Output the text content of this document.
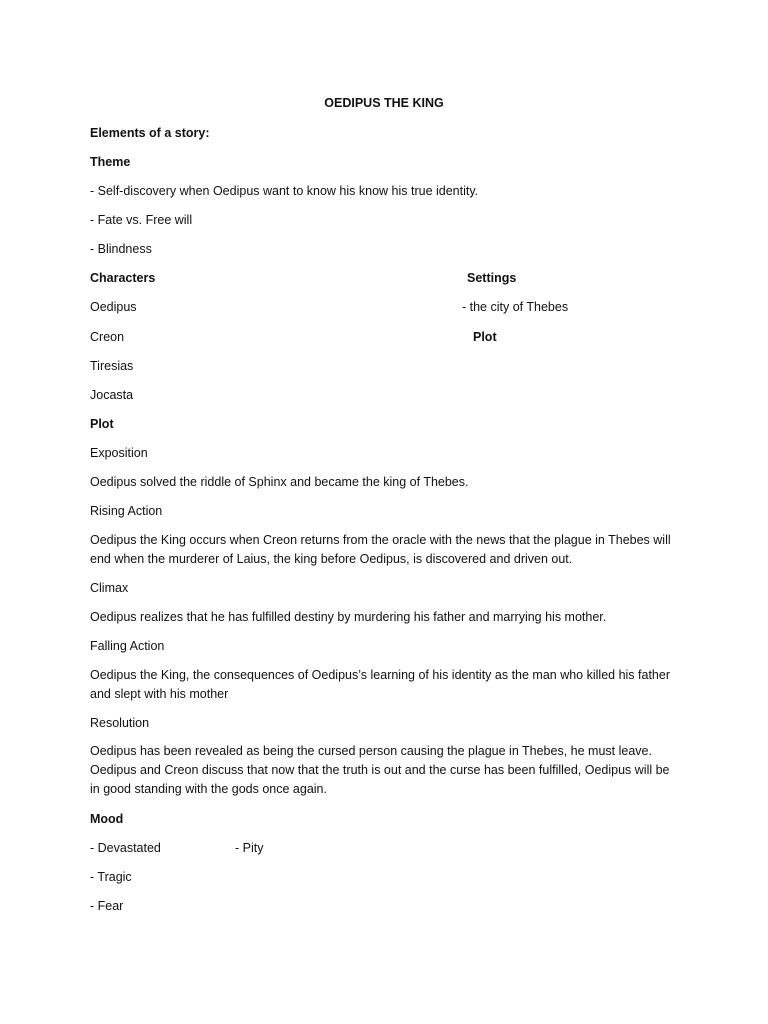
OEDIPUS THE KING
Elements of a story:
Theme
- Self-discovery when Oedipus want to know his know his true identity.
- Fate vs. Free will
- Blindness
Characters	Settings
Oedipus	- the city of Thebes
Creon	Plot
Tiresias
Jocasta
Plot
Exposition
Oedipus solved the riddle of Sphinx and became the king of Thebes.
Rising Action
Oedipus the King occurs when Creon returns from the oracle with the news that the plague in Thebes will end when the murderer of Laius, the king before Oedipus, is discovered and driven out.
Climax
Oedipus realizes that he has fulfilled destiny by murdering his father and marrying his mother.
Falling Action
Oedipus the King, the consequences of Oedipus’s learning of his identity as the man who killed his father and slept with his mother
Resolution
Oedipus has been revealed as being the cursed person causing the plague in Thebes, he must leave. Oedipus and Creon discuss that now that the truth is out and the curse has been fulfilled, Oedipus will be in good standing with the gods once again.
Mood
- Devastated	- Pity
- Tragic
- Fear
